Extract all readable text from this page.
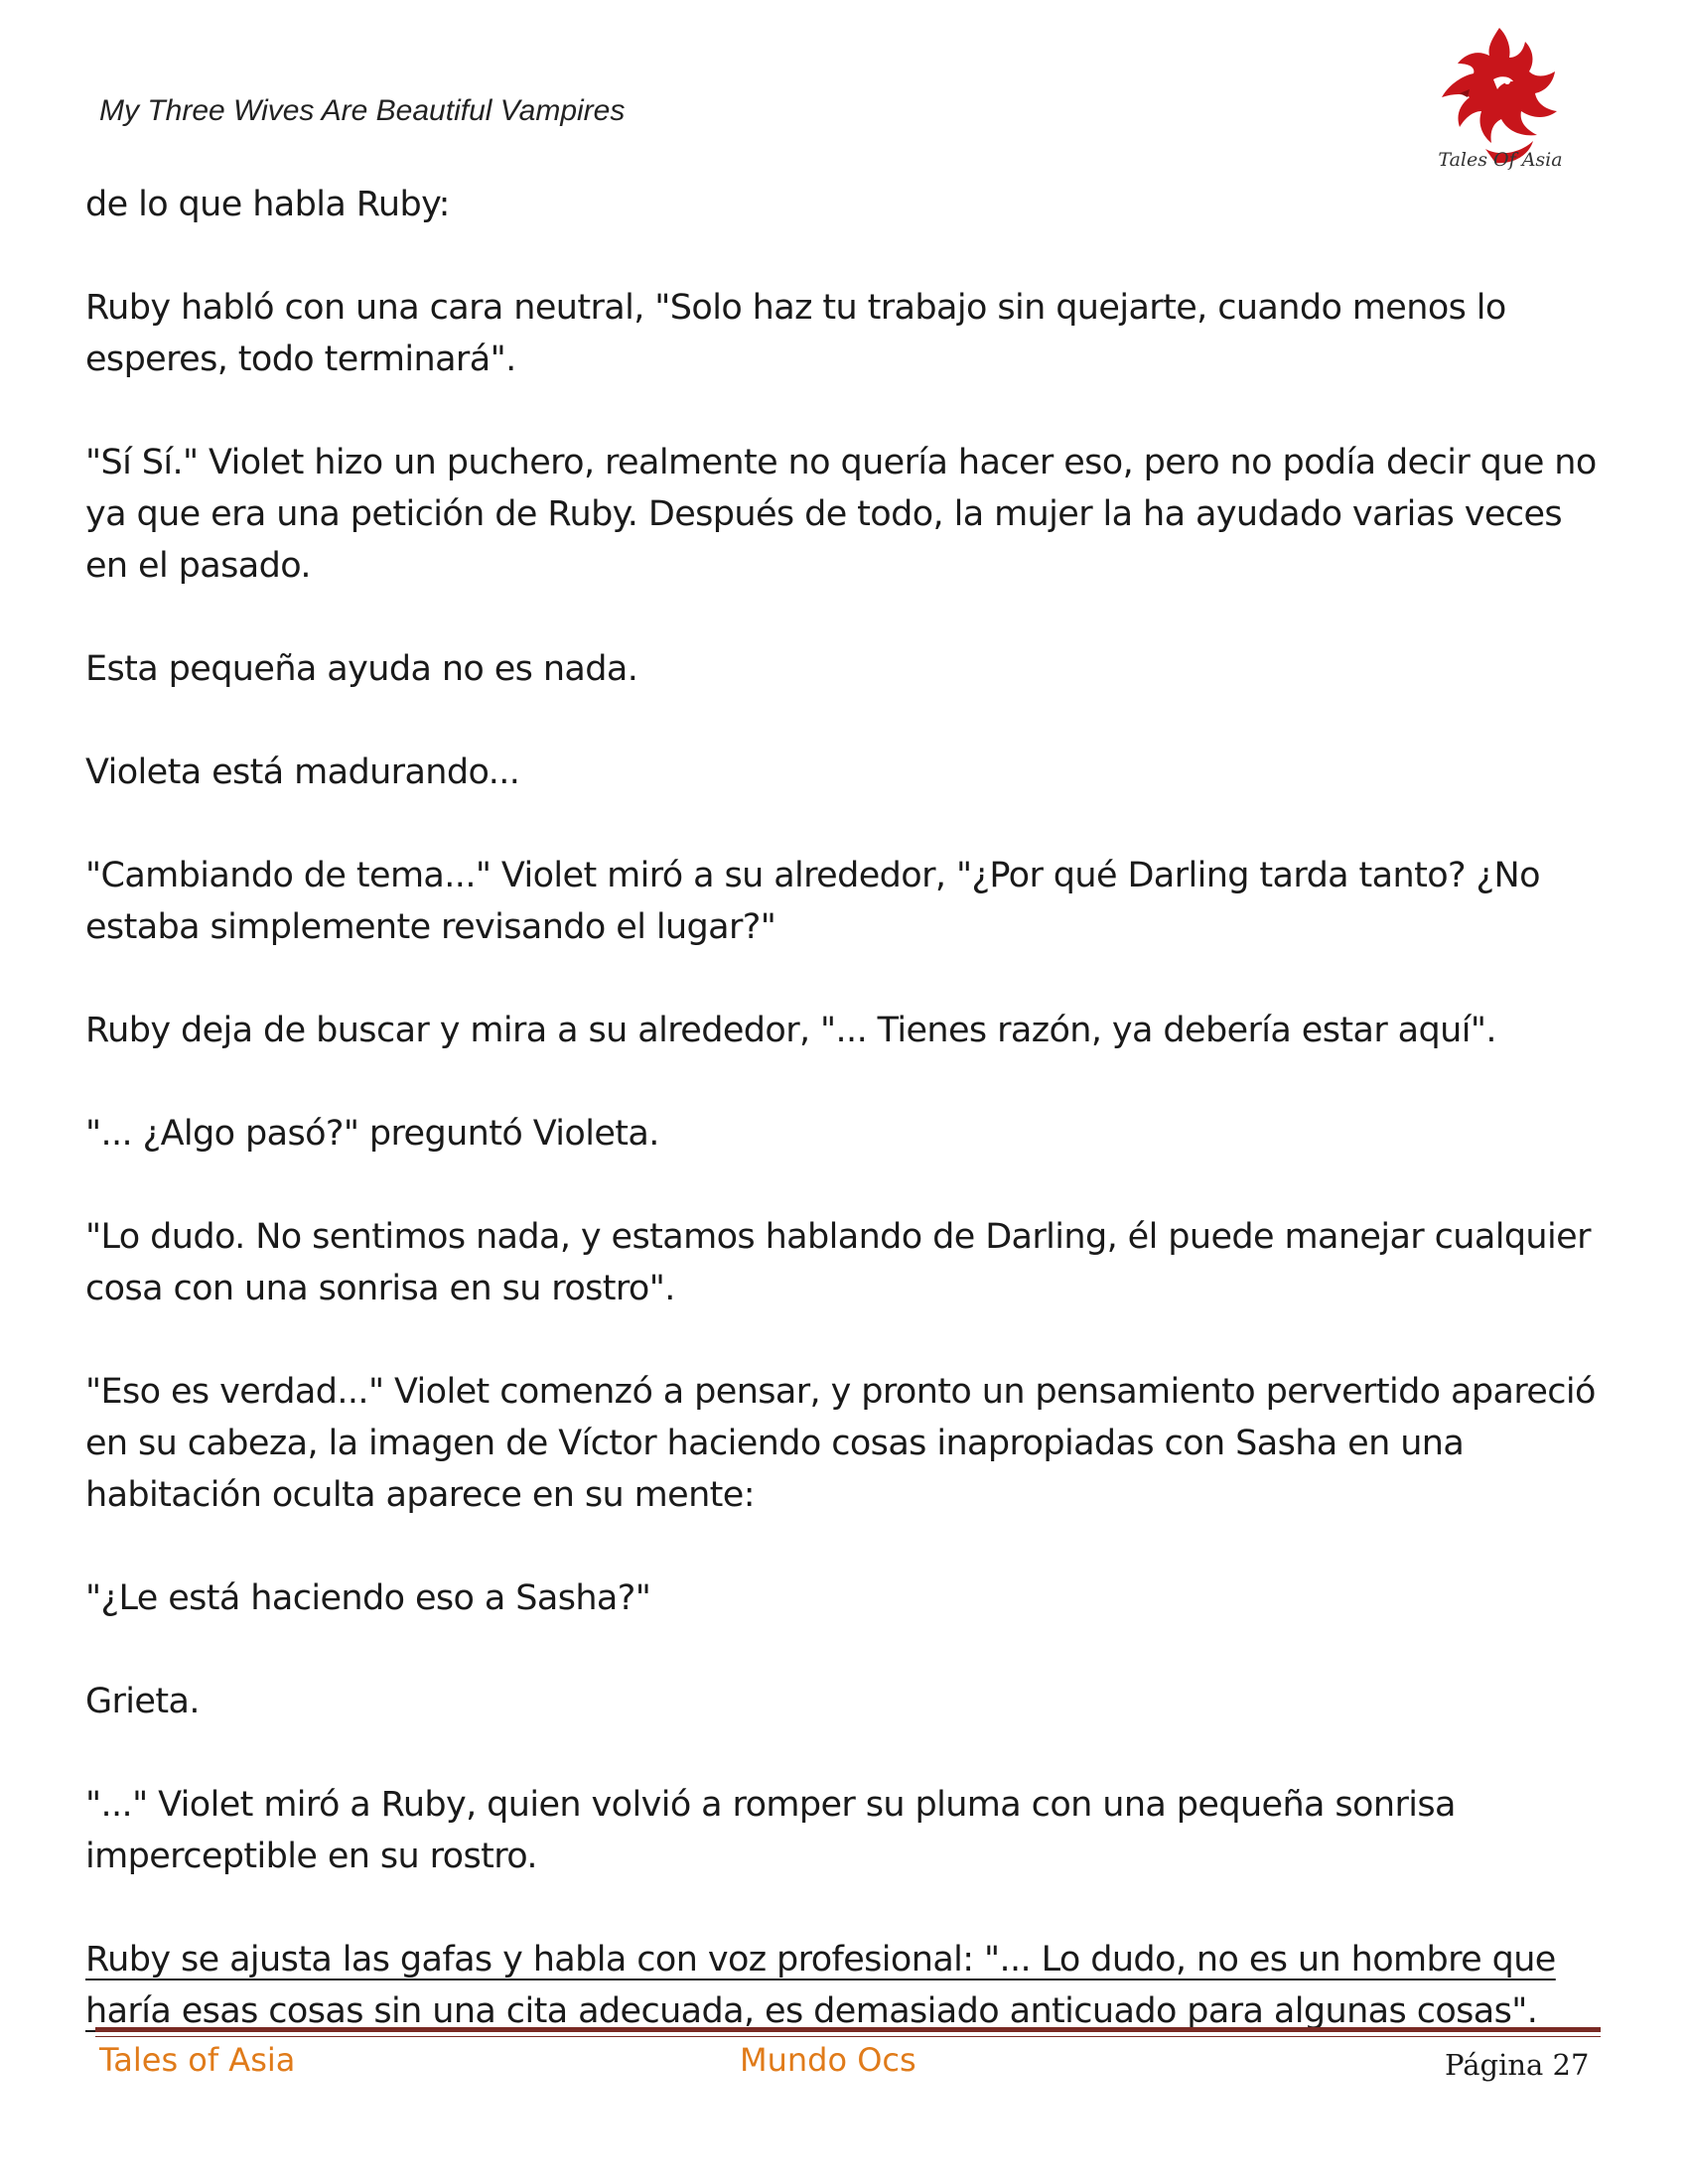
My Three Wives Are Beautiful Vampires
Tales Of Asia

de lo que habla Ruby:

Ruby habló con una cara neutral, "Solo haz tu trabajo sin quejarte, cuando menos lo esperes, todo terminará".

"Sí Sí." Violet hizo un puchero, realmente no quería hacer eso, pero no podía decir que no ya que era una petición de Ruby. Después de todo, la mujer la ha ayudado varias veces en el pasado.

Esta pequeña ayuda no es nada.

Violeta está madurando...

"Cambiando de tema..." Violet miró a su alrededor, "¿Por qué Darling tarda tanto? ¿No estaba simplemente revisando el lugar?"

Ruby deja de buscar y mira a su alrededor, "... Tienes razón, ya debería estar aquí".

"... ¿Algo pasó?" preguntó Violeta.

"Lo dudo. No sentimos nada, y estamos hablando de Darling, él puede manejar cualquier cosa con una sonrisa en su rostro".

"Eso es verdad..." Violet comenzó a pensar, y pronto un pensamiento pervertido apareció en su cabeza, la imagen de Víctor haciendo cosas inapropiadas con Sasha en una habitación oculta aparece en su mente:

"¿Le está haciendo eso a Sasha?"

Grieta.

"..." Violet miró a Ruby, quien volvió a romper su pluma con una pequeña sonrisa imperceptible en su rostro.

Ruby se ajusta las gafas y habla con voz profesional: "... Lo dudo, no es un hombre que haría esas cosas sin una cita adecuada, es demasiado anticuado para algunas cosas".

Tales of Asia	Mundo Ocs	Página 27
